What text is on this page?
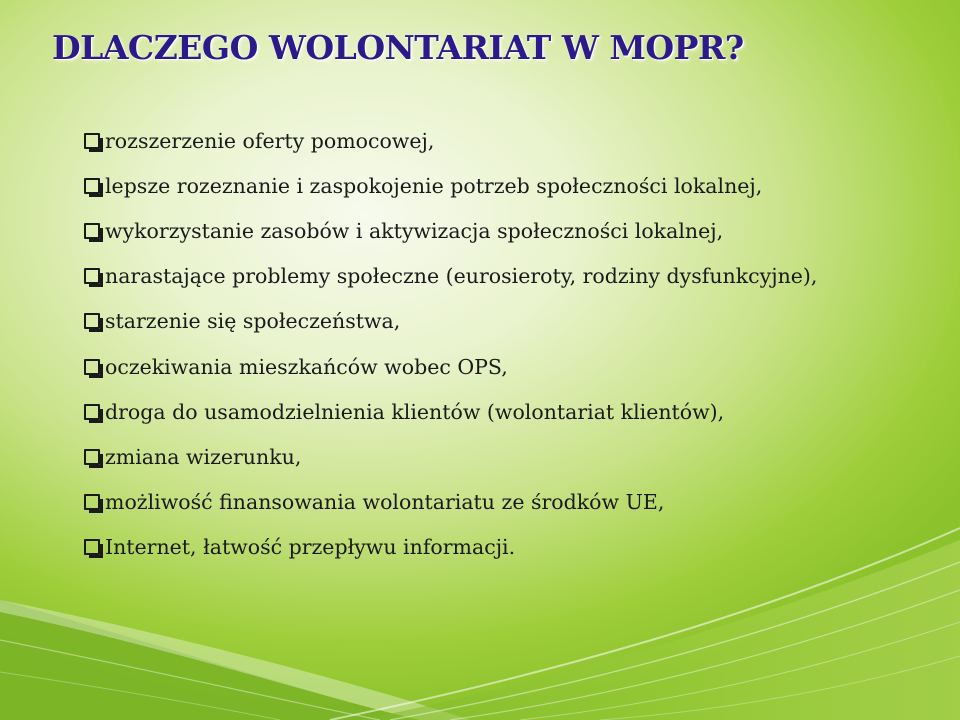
DLACZEGO WOLONTARIAT W MOPR?
rozszerzenie oferty pomocowej,
lepsze rozeznanie i zaspokojenie potrzeb społeczności lokalnej,
wykorzystanie zasobów i aktywizacja społeczności lokalnej,
narastające problemy społeczne (eurosieroty, rodziny dysfunkcyjne),
starzenie się społeczeństwa,
oczekiwania mieszkańców wobec OPS,
droga do usamodzielnienia klientów (wolontariat klientów),
zmiana wizerunku,
możliwość finansowania wolontariatu ze środków UE,
Internet, łatwość przepływu informacji.
